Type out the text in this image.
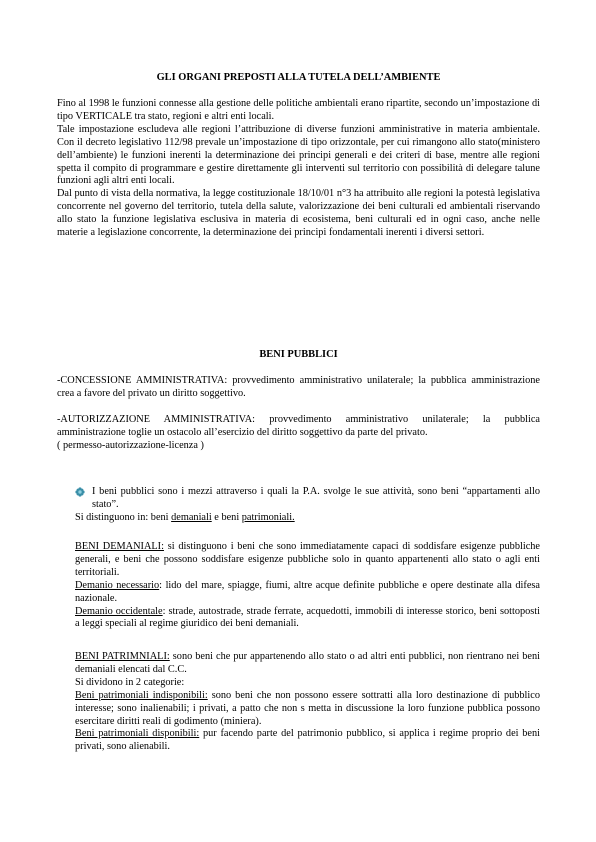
GLI ORGANI PREPOSTI ALLA TUTELA DELL’AMBIENTE

Fino al 1998 le funzioni connesse alla gestione delle politiche ambientali erano ripartite, secondo un’impostazione di tipo VERTICALE tra stato, regioni e altri enti locali.

Tale impostazione escludeva alle regioni l’attribuzione di diverse funzioni amministrative in materia ambientale. Con il decreto legislativo 112/98 prevale un’impostazione di tipo orizzontale, per cui rimangono allo stato(ministero dell’ambiente) le funzioni inerenti la determinazione dei principi generali e dei criteri di base, mentre alle regioni spetta il compito di programmare e gestire direttamente gli interventi sul territorio con possibilità di delegare talune funzioni agli altri enti locali.

Dal punto di vista della normativa, la legge costituzionale 18/10/01 n°3 ha attribuito alle regioni la potestà legislativa concorrente nel governo del territorio, tutela della salute, valorizzazione dei beni culturali ed ambientali riservando allo stato la funzione legislativa esclusiva in materia di ecosistema, beni culturali ed in ogni caso, anche nelle materie a legislazione concorrente, la determinazione dei principi fondamentali inerenti i diversi settori.

BENI PUBBLICI

-CONCESSIONE AMMINISTRATIVA: provvedimento amministrativo unilaterale; la pubblica amministrazione crea a favore del privato un diritto soggettivo.

-AUTORIZZAZIONE AMMINISTRATIVA: provvedimento amministrativo unilaterale; la pubblica amministrazione toglie un ostacolo all’esercizio del diritto soggettivo da parte del privato.

( permesso-autorizzazione-licenza )

I beni pubblici sono i mezzi attraverso i quali la P.A. svolge le sue attività, sono beni “appartamenti allo stato”.

Si distinguono in: beni demaniali e beni patrimoniali.

BENI DEMANIALI: si distinguono i beni che sono immediatamente capaci di soddisfare esigenze pubbliche generali, e beni che possono soddisfare esigenze pubbliche solo in quanto appartenenti allo stato o agli enti territoriali.

Demanio necessario: lido del mare, spiagge, fiumi, altre acque definite pubbliche e opere destinate alla difesa nazionale.

Demanio occidentale: strade, autostrade, strade ferrate, acquedotti, immobili di interesse storico, beni sottoposti a leggi speciali al regime giuridico dei beni demaniali.

BENI PATRIMNIALI: sono beni che pur appartenendo allo stato o ad altri enti pubblici, non rientrano nei beni demaniali elencati dal C.C.

Si dividono in 2 categorie:

Beni patrimoniali indisponibili: sono beni che non possono essere sottratti alla loro destinazione di pubblico interesse; sono inalienabili; i privati, a patto che non s metta in discussione la loro funzione pubblica possono esercitare diritti reali di godimento (miniera).

Beni patrimoniali disponibili: pur facendo parte del patrimonio pubblico, si applica i regime proprio dei beni privati, sono alienabili.
